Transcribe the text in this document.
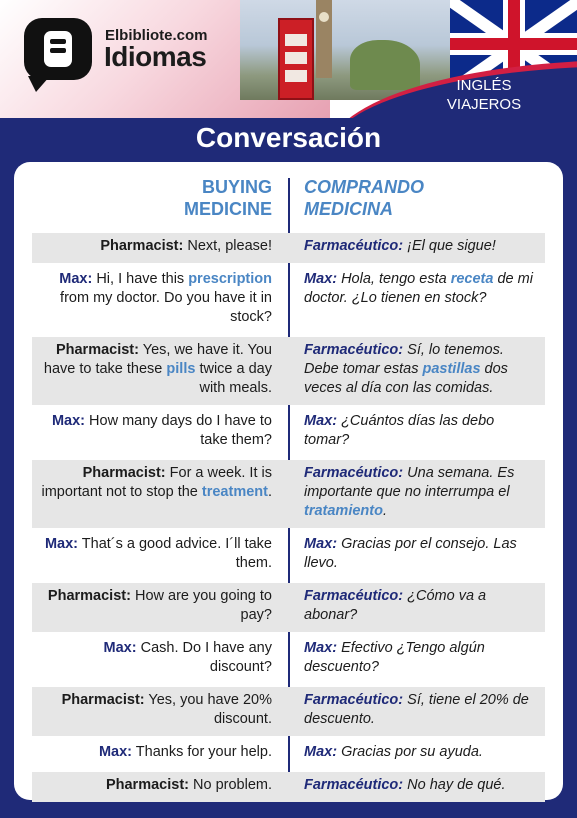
INGLÉS
VIAJEROS
Elbibliote.com
Idiomas
Conversación
BUYING
MEDICINE
COMPRANDO
MEDICINA
Pharmacist: Next, please! Farmacéutico: ¡El que sigue!
Max: Hi, I have this prescription from my doctor. Do you have it in stock?
Max: Hola, tengo esta receta de mi doctor. ¿Lo tienen en stock?
Pharmacist: Yes, we have it. You have to take these pills twice a day with meals.
Farmacéutico: Sí, lo tenemos. Debe tomar estas pastillas dos veces al día con las comidas.
Max: How many days do I have to take them?
Max: ¿Cuántos días las debo tomar?
Pharmacist: For a week. It is important not to stop the treatment.
Farmacéutico: Una semana. Es importante que no interrumpa el tratamiento.
Max: That´s a good advice. I´ll take them.
Max: Gracias por el consejo. Las llevo.
Pharmacist: How are you going to pay?
Farmacéutico: ¿Cómo va a abonar?
Max: Cash. Do I have any discount?
Max: Efectivo ¿Tengo algún descuento?
Pharmacist: Yes, you have 20% discount.
Farmacéutico: Sí, tiene el 20% de descuento.
Max: Thanks for your help. Max: Gracias por su ayuda.
Pharmacist: No problem. Farmacéutico: No hay de qué.
